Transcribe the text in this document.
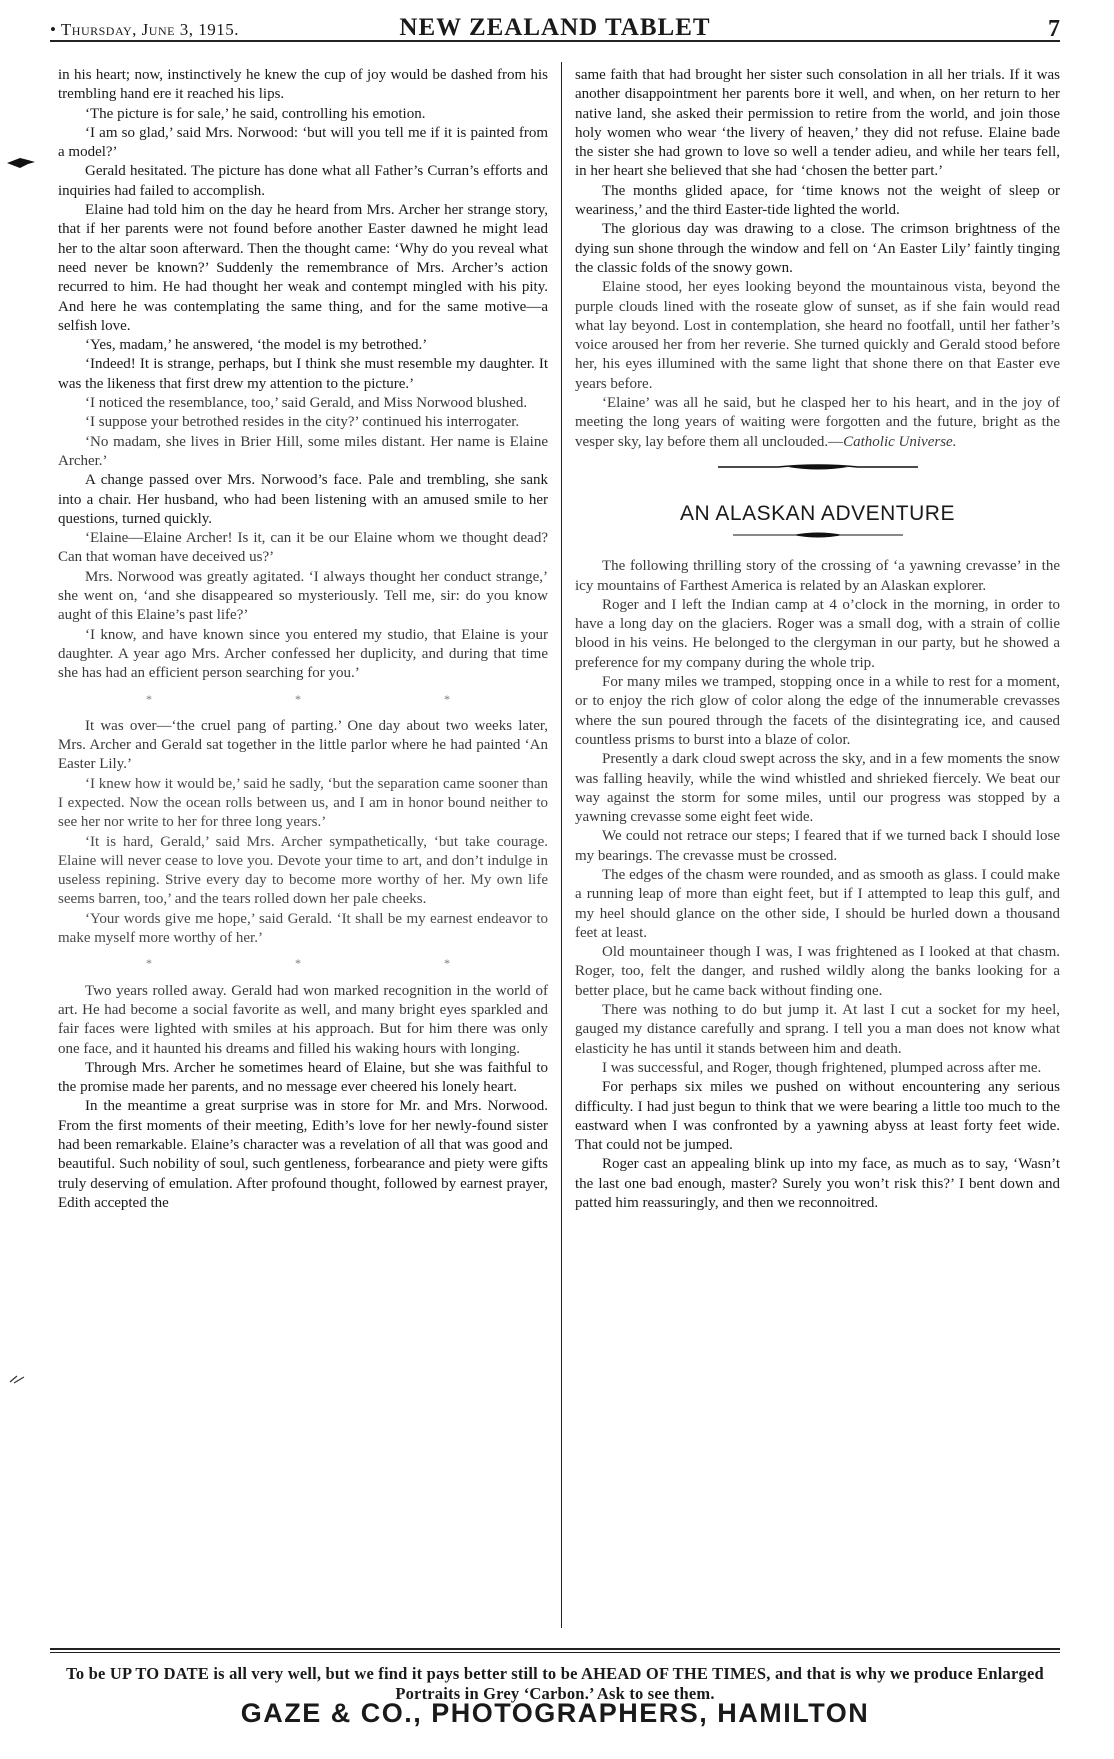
• Thursday, June 3, 1915.	NEW ZEALAND TABLET	7

in his heart; now, instinctively he knew the cup of joy would be dashed from his trembling hand ere it reached his lips.

‘The picture is for sale,’ he said, controlling his emotion.

‘I am so glad,’ said Mrs. Norwood: ‘but will you tell me if it is painted from a model?’

Gerald hesitated. The picture has done what all Father’s Curran’s efforts and inquiries had failed to accomplish.

Elaine had told him on the day he heard from Mrs. Archer her strange story, that if her parents were not found before another Easter dawned he might lead her to the altar soon afterward. Then the thought came: ‘Why do you reveal what need never be known?’ Suddenly the remembrance of Mrs. Archer’s action recurred to him. He had thought her weak and contempt mingled with his pity. And here he was contemplating the same thing, and for the same motive—a selfish love.

‘Yes, madam,’ he answered, ‘the model is my betrothed.’

‘Indeed! It is strange, perhaps, but I think she must resemble my daughter. It was the likeness that first drew my attention to the picture.’

‘I noticed the resemblance, too,’ said Gerald, and Miss Norwood blushed.

‘I suppose your betrothed resides in the city?’ continued his interrogater.

‘No madam, she lives in Brier Hill, some miles distant. Her name is Elaine Archer.’

A change passed over Mrs. Norwood’s face. Pale and trembling, she sank into a chair. Her husband, who had been listening with an amused smile to her questions, turned quickly.

‘Elaine—Elaine Archer! Is it, can it be our Elaine whom we thought dead? Can that woman have deceived us?’

Mrs. Norwood was greatly agitated. ‘I always thought her conduct strange,’ she went on, ‘and she disappeared so mysteriously. Tell me, sir: do you know aught of this Elaine’s past life?’

‘I know, and have known since you entered my studio, that Elaine is your daughter. A year ago Mrs. Archer confessed her duplicity, and during that time she has had an efficient person searching for you.’

* * *

It was over—‘the cruel pang of parting.’ One day about two weeks later, Mrs. Archer and Gerald sat together in the little parlor where he had painted ‘An Easter Lily.’

‘I knew how it would be,’ said he sadly, ‘but the separation came sooner than I expected. Now the ocean rolls between us, and I am in honor bound neither to see her nor write to her for three long years.’

‘It is hard, Gerald,’ said Mrs. Archer sympathetically, ‘but take courage. Elaine will never cease to love you. Devote your time to art, and don’t indulge in useless repining. Strive every day to become more worthy of her. My own life seems barren, too,’ and the tears rolled down her pale cheeks.

‘Your words give me hope,’ said Gerald. ‘It shall be my earnest endeavor to make myself more worthy of her.’

* * *

Two years rolled away. Gerald had won marked recognition in the world of art. He had become a social favorite as well, and many bright eyes sparkled and fair faces were lighted with smiles at his approach. But for him there was only one face, and it haunted his dreams and filled his waking hours with longing.

Through Mrs. Archer he sometimes heard of Elaine, but she was faithful to the promise made her parents, and no message ever cheered his lonely heart.

In the meantime a great surprise was in store for Mr. and Mrs. Norwood. From the first moments of their meeting, Edith’s love for her newly-found sister had been remarkable. Elaine’s character was a revelation of all that was good and beautiful. Such nobility of soul, such gentleness, forbearance and piety were gifts truly deserving of emulation. After profound thought, followed by earnest prayer, Edith accepted the

same faith that had brought her sister such consolation in all her trials. If it was another disappointment her parents bore it well, and when, on her return to her native land, she asked their permission to retire from the world, and join those holy women who wear ‘the livery of heaven,’ they did not refuse. Elaine bade the sister she had grown to love so well a tender adieu, and while her tears fell, in her heart she believed that she had ‘chosen the better part.’

The months glided apace, for ‘time knows not the weight of sleep or weariness,’ and the third Easter-tide lighted the world.

The glorious day was drawing to a close. The crimson brightness of the dying sun shone through the window and fell on ‘An Easter Lily’ faintly tinging the classic folds of the snowy gown.

Elaine stood, her eyes looking beyond the mountainous vista, beyond the purple clouds lined with the roseate glow of sunset, as if she fain would read what lay beyond. Lost in contemplation, she heard no footfall, until her father’s voice aroused her from her reverie. She turned quickly and Gerald stood before her, his eyes illumined with the same light that shone there on that Easter eve years before.

‘Elaine’ was all he said, but he clasped her to his heart, and in the joy of meeting the long years of waiting were forgotten and the future, bright as the vesper sky, lay before them all unclouded.—Catholic Universe.

AN ALASKAN ADVENTURE

The following thrilling story of the crossing of ‘a yawning crevasse’ in the icy mountains of Farthest America is related by an Alaskan explorer.

Roger and I left the Indian camp at 4 o’clock in the morning, in order to have a long day on the glaciers. Roger was a small dog, with a strain of collie blood in his veins. He belonged to the clergyman in our party, but he showed a preference for my company during the whole trip.

For many miles we tramped, stopping once in a while to rest for a moment, or to enjoy the rich glow of color along the edge of the innumerable crevasses where the sun poured through the facets of the disintegrating ice, and caused countless prisms to burst into a blaze of color.

Presently a dark cloud swept across the sky, and in a few moments the snow was falling heavily, while the wind whistled and shrieked fiercely. We beat our way against the storm for some miles, until our progress was stopped by a yawning crevasse some eight feet wide.

We could not retrace our steps; I feared that if we turned back I should lose my bearings. The crevasse must be crossed.

The edges of the chasm were rounded, and as smooth as glass. I could make a running leap of more than eight feet, but if I attempted to leap this gulf, and my heel should glance on the other side, I should be hurled down a thousand feet at least.

Old mountaineer though I was, I was frightened as I looked at that chasm. Roger, too, felt the danger, and rushed wildly along the banks looking for a better place, but he came back without finding one.

There was nothing to do but jump it. At last I cut a socket for my heel, gauged my distance carefully and sprang. I tell you a man does not know what elasticity he has until it stands between him and death.

I was successful, and Roger, though frightened, plumped across after me.

For perhaps six miles we pushed on without encountering any serious difficulty. I had just begun to think that we were bearing a little too much to the eastward when I was confronted by a yawning abyss at least forty feet wide. That could not be jumped.

Roger cast an appealing blink up into my face, as much as to say, ‘Wasn’t the last one bad enough, master? Surely you won’t risk this?’ I bent down and patted him reassuringly, and then we reconnoitred.

To be UP TO DATE is all very well, but we find it pays better still to be AHEAD OF THE TIMES, and that is why we produce Enlarged Portraits in Grey ‘Carbon.’ Ask to see them.
GAZE & CO., PHOTOGRAPHERS, HAMILTON
